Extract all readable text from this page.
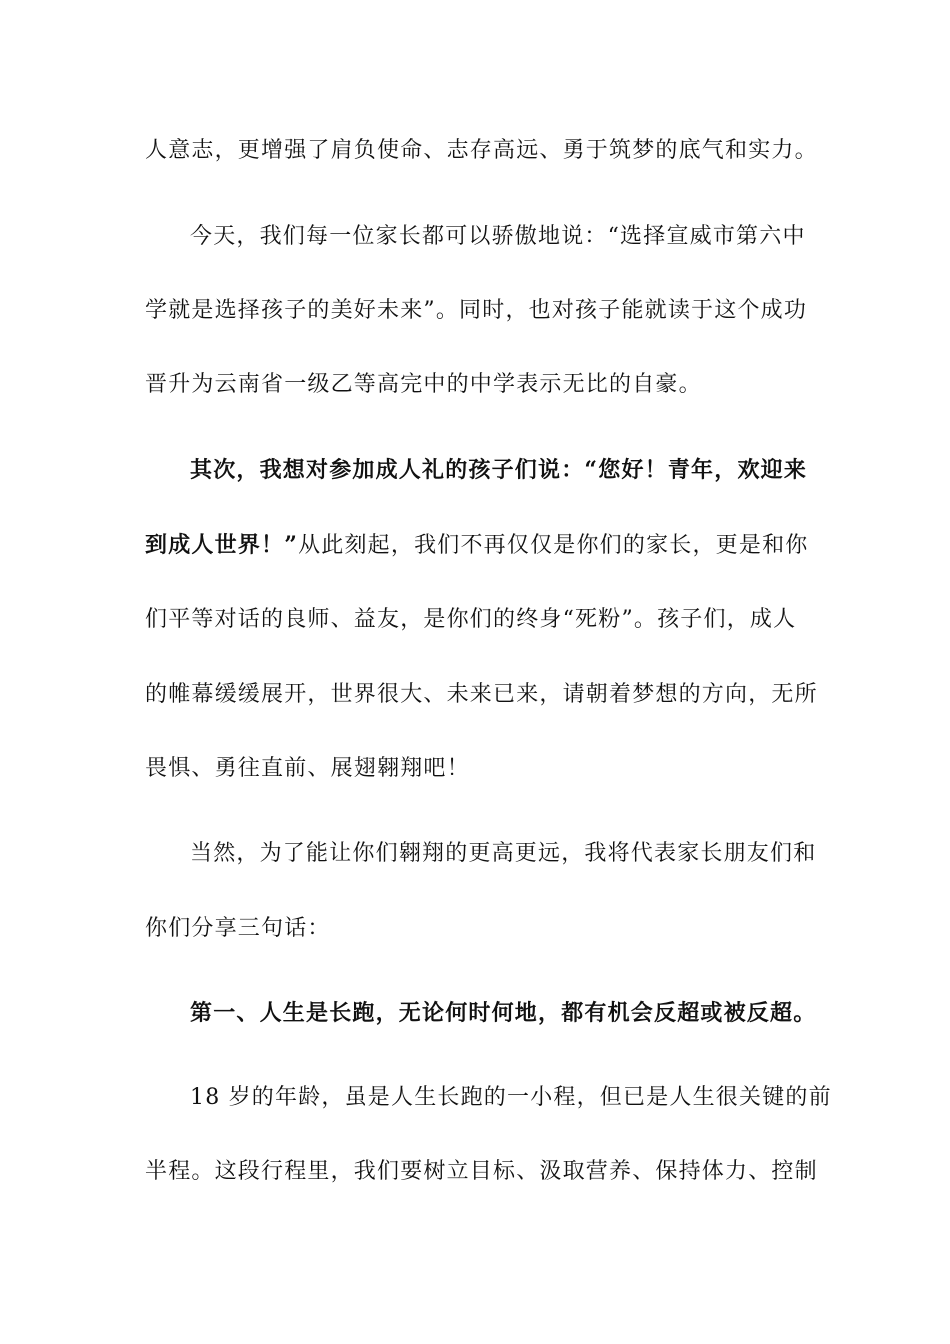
人意志，更增强了肩负使命、志存高远、勇于筑梦的底气和实力。
今天，我们每一位家长都可以骄傲地说：“选择宣威市第六中
学就是选择孩子的美好未来”。同时，也对孩子能就读于这个成功
晋升为云南省一级乙等高完中的中学表示无比的自豪。
其次，我想对参加成人礼的孩子们说：“您好！青年，欢迎来
到成人世界！”从此刻起，我们不再仅仅是你们的家长，更是和你
们平等对话的良师、益友，是你们的终身“死粉”。孩子们，成人
的帷幕缓缓展开，世界很大、未来已来，请朝着梦想的方向，无所
畏惧、勇往直前、展翅翱翔吧！
当然，为了能让你们翱翔的更高更远，我将代表家长朋友们和
你们分享三句话：
第一、人生是长跑，无论何时何地，都有机会反超或被反超。
18 岁的年龄，虽是人生长跑的一小程，但已是人生很关键的前
半程。这段行程里，我们要树立目标、汲取营养、保持体力、控制
